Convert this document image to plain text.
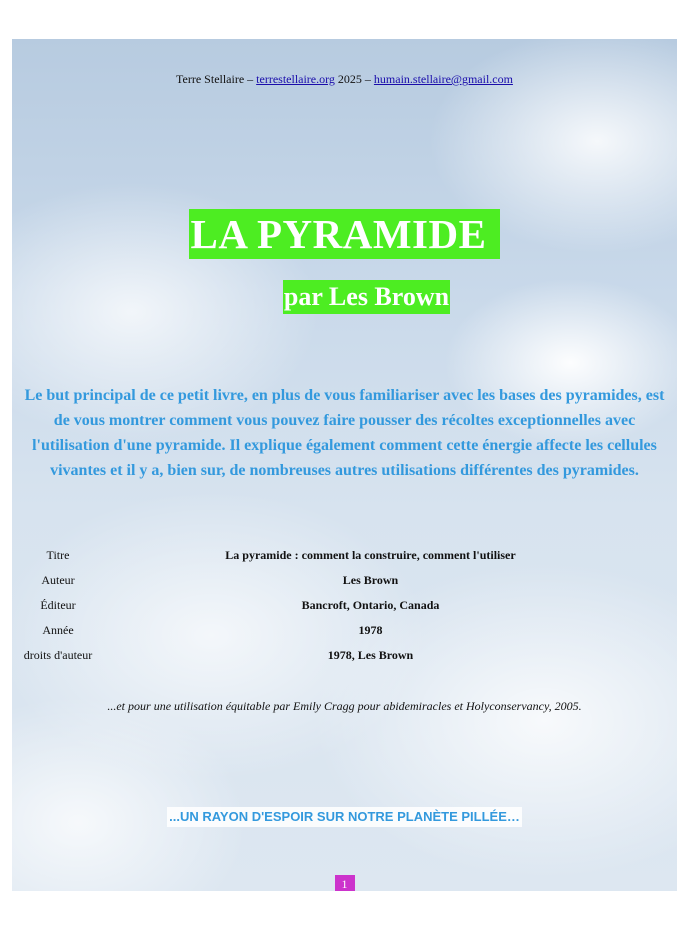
Terre Stellaire – terrestellaire.org 2025 – humain.stellaire@gmail.com
LA PYRAMIDE
par Les Brown
Le but principal de ce petit livre, en plus de vous familiariser avec les bases des pyramides, est de vous montrer comment vous pouvez faire pousser des récoltes exceptionnelles avec l'utilisation d'une pyramide. Il explique également comment cette énergie affecte les cellules vivantes et il y a, bien sur, de nombreuses autres utilisations différentes des pyramides.
Titre	La pyramide : comment la construire, comment l'utiliser
Auteur	Les Brown
Éditeur	Bancroft, Ontario, Canada
Année	1978
droits d'auteur	1978, Les Brown
...et pour une utilisation équitable par Emily Cragg pour abidemiracles et Holyconservancy, 2005.
...UN RAYON D'ESPOIR SUR NOTRE PLANÈTE PILLÉE…
1
